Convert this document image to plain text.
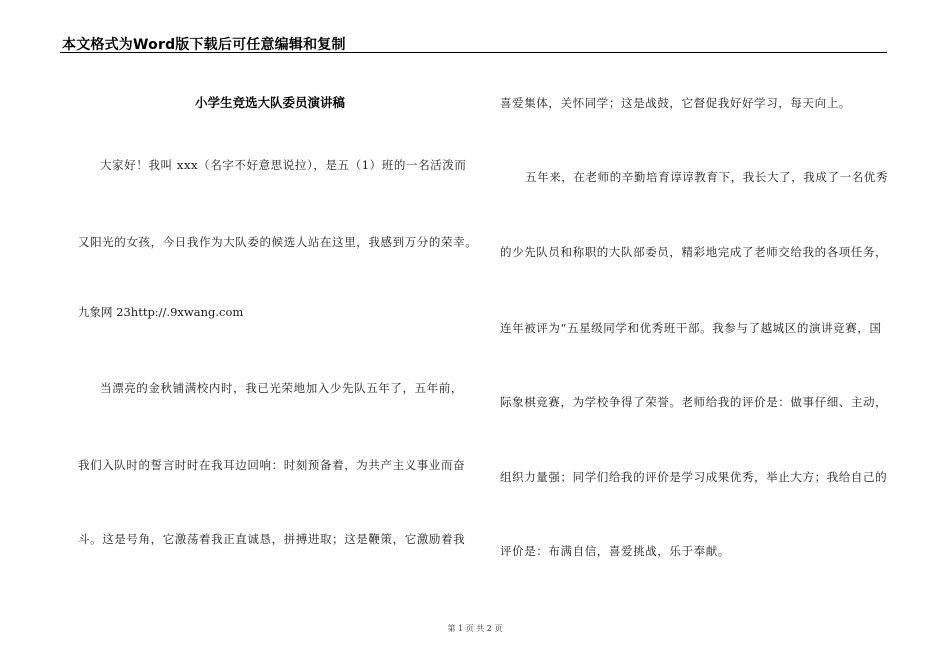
本文格式为Word版下载后可任意编辑和复制
小学生竞选大队委员演讲稿
大家好！我叫 xxx（名字不好意思说拉），是五（1）班的一名活泼而
又阳光的女孩，今日我作为大队委的候选人站在这里，我感到万分的荣幸。
九象网 23http://.9xwang.com
当漂亮的金秋铺满校内时，我已光荣地加入少先队五年了，五年前，
我们入队时的誓言时时在我耳边回响：时刻预备着，为共产主义事业而奋
斗。这是号角，它激荡着我正直诚恳，拼搏进取；这是鞭策，它激励着我
喜爱集体，关怀同学；这是战鼓，它督促我好好学习，每天向上。
五年来，在老师的辛勤培育谆谆教育下，我长大了，我成了一名优秀
的少先队员和称职的大队部委员，精彩地完成了老师交给我的各项任务，
连年被评为“五星级同学和优秀班干部。我参与了越城区的演讲竞赛，国
际象棋竞赛，为学校争得了荣誉。老师给我的评价是：做事仔细、主动，
组织力量强；同学们给我的评价是学习成果优秀，举止大方；我给自己的
评价是：布满自信，喜爱挑战，乐于奉献。
第 1 页 共 2 页
